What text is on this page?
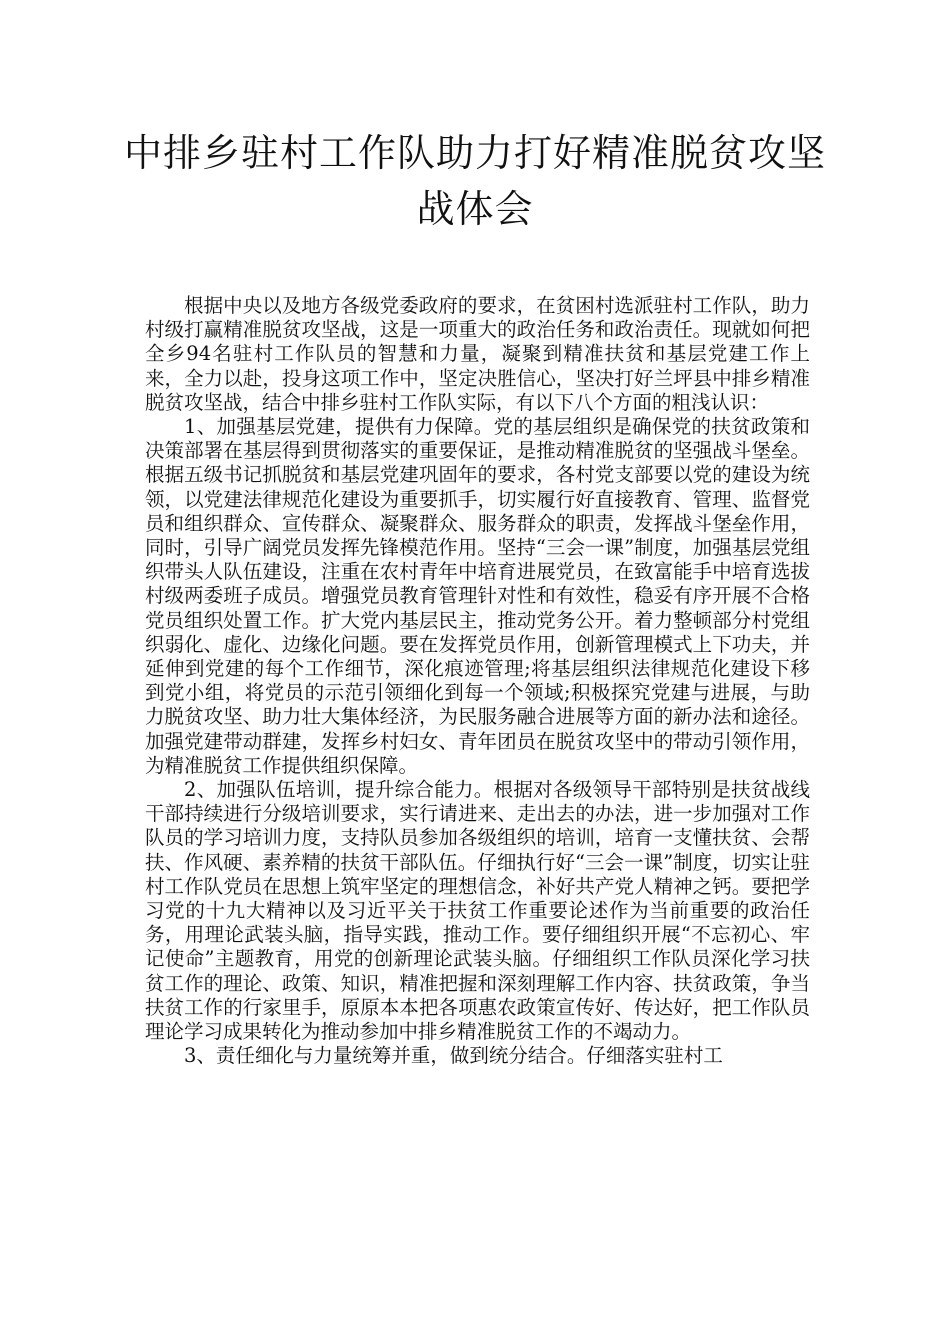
中排乡驻村工作队助力打好精准脱贫攻坚战体会

根据中央以及地方各级党委政府的要求，在贫困村选派驻村工作队，助力村级打赢精准脱贫攻坚战，这是一项重大的政治任务和政治责任。现就如何把全乡94名驻村工作队员的智慧和力量，凝聚到精准扶贫和基层党建工作上来，全力以赴，投身这项工作中，坚定决胜信心，坚决打好兰坪县中排乡精准脱贫攻坚战，结合中排乡驻村工作队实际，有以下八个方面的粗浅认识：

1、加强基层党建，提供有力保障。党的基层组织是确保党的扶贫政策和决策部署在基层得到贯彻落实的重要保证，是推动精准脱贫的坚强战斗堡垒。根据五级书记抓脱贫和基层党建巩固年的要求，各村党支部要以党的建设为统领，以党建法律规范化建设为重要抓手，切实履行好直接教育、管理、监督党员和组织群众、宣传群众、凝聚群众、服务群众的职责，发挥战斗堡垒作用，同时，引导广阔党员发挥先锋模范作用。坚持“三会一课”制度，加强基层党组织带头人队伍建设，注重在农村青年中培育进展党员，在致富能手中培育选拔村级两委班子成员。增强党员教育管理针对性和有效性，稳妥有序开展不合格党员组织处置工作。扩大党内基层民主，推动党务公开。着力整顿部分村党组织弱化、虚化、边缘化问题。要在发挥党员作用，创新管理模式上下功夫，并延伸到党建的每个工作细节，深化痕迹管理;将基层组织法律规范化建设下移到党小组，将党员的示范引领细化到每一个领域;积极探究党建与进展，与助力脱贫攻坚、助力壮大集体经济，为民服务融合进展等方面的新办法和途径。加强党建带动群建，发挥乡村妇女、青年团员在脱贫攻坚中的带动引领作用，为精准脱贫工作提供组织保障。

2、加强队伍培训，提升综合能力。根据对各级领导干部特别是扶贫战线干部持续进行分级培训要求，实行请进来、走出去的办法，进一步加强对工作队员的学习培训力度，支持队员参加各级组织的培训，培育一支懂扶贫、会帮扶、作风硬、素养精的扶贫干部队伍。仔细执行好“三会一课”制度，切实让驻村工作队党员在思想上筑牢坚定的理想信念，补好共产党人精神之钙。要把学习党的十九大精神以及习近平关于扶贫工作重要论述作为当前重要的政治任务，用理论武装头脑，指导实践，推动工作。要仔细组织开展“不忘初心、牢记使命”主题教育，用党的创新理论武装头脑。仔细组织工作队员深化学习扶贫工作的理论、政策、知识，精准把握和深刻理解工作内容、扶贫政策，争当扶贫工作的行家里手，原原本本把各项惠农政策宣传好、传达好，把工作队员理论学习成果转化为推动参加中排乡精准脱贫工作的不竭动力。

3、责任细化与力量统筹并重，做到统分结合。仔细落实驻村工
